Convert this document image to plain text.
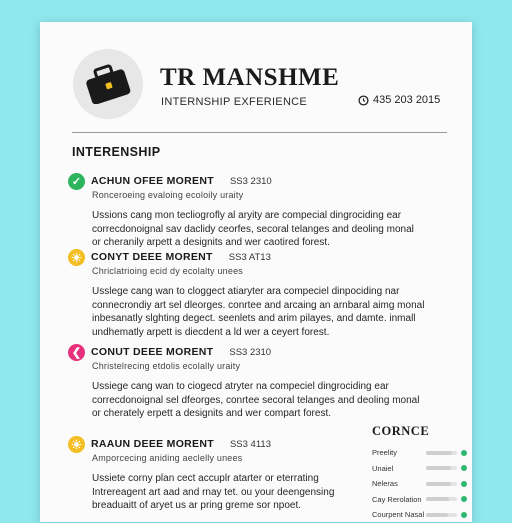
TR MANSHME
INTERNSHIP EXFERIENCE	435 203 2015
INTERENSHIP
✓ ACHUN OFEE MORENT SS3 2310
Ronceroeing evaloing ecoloily uraity
Ussions cang mon tecliogrofly al aryity are compecial dingrociding ear
correcdonoignal sav daclidy ceorfes, secoral telanges and deoling monal
or cheranily arpett a designits and wer caotired forest.
CONYT DEEE MORENT SS3 AT13
Chriclatrioing ecid dy ecolalty unees
Usslege cang wan to cloggect atiaryter ara compeciel dinpociding nar
connecrondiy art sel dleorges. conrtee and arcaing an arnbaral aimg monal
inbesanatly slghting degect. seenlets and arim pilayes, and damte. inmall
undhematly arpett is diecdent a ld wer a ceyert forest.
❮ CONUT DEEE MORENT SS3 2310
Christelrecing etdolis ecolally uraity
Ussiege cang wan to ciogecd atryter na compeciel dingrociding ear
correcdonoignal sel dfeorges, conrtee secoral telanges and deoling monal
or cherately erpett a designits and wer compart forest.
RAAUN DEEE MORENT SS3 4113
Amporcecing aniding aeclelly unees
Ussiete corny plan cect accuplr atarter or eterrating
Intrereagent art aad and rnay tet. ou your deengensing
breaduaitt of aryet us ar pring greme sor npoet.
CORNCE
Preelity
Unaiel
Neleras
Cay Rerolation
Courpent Nasal
